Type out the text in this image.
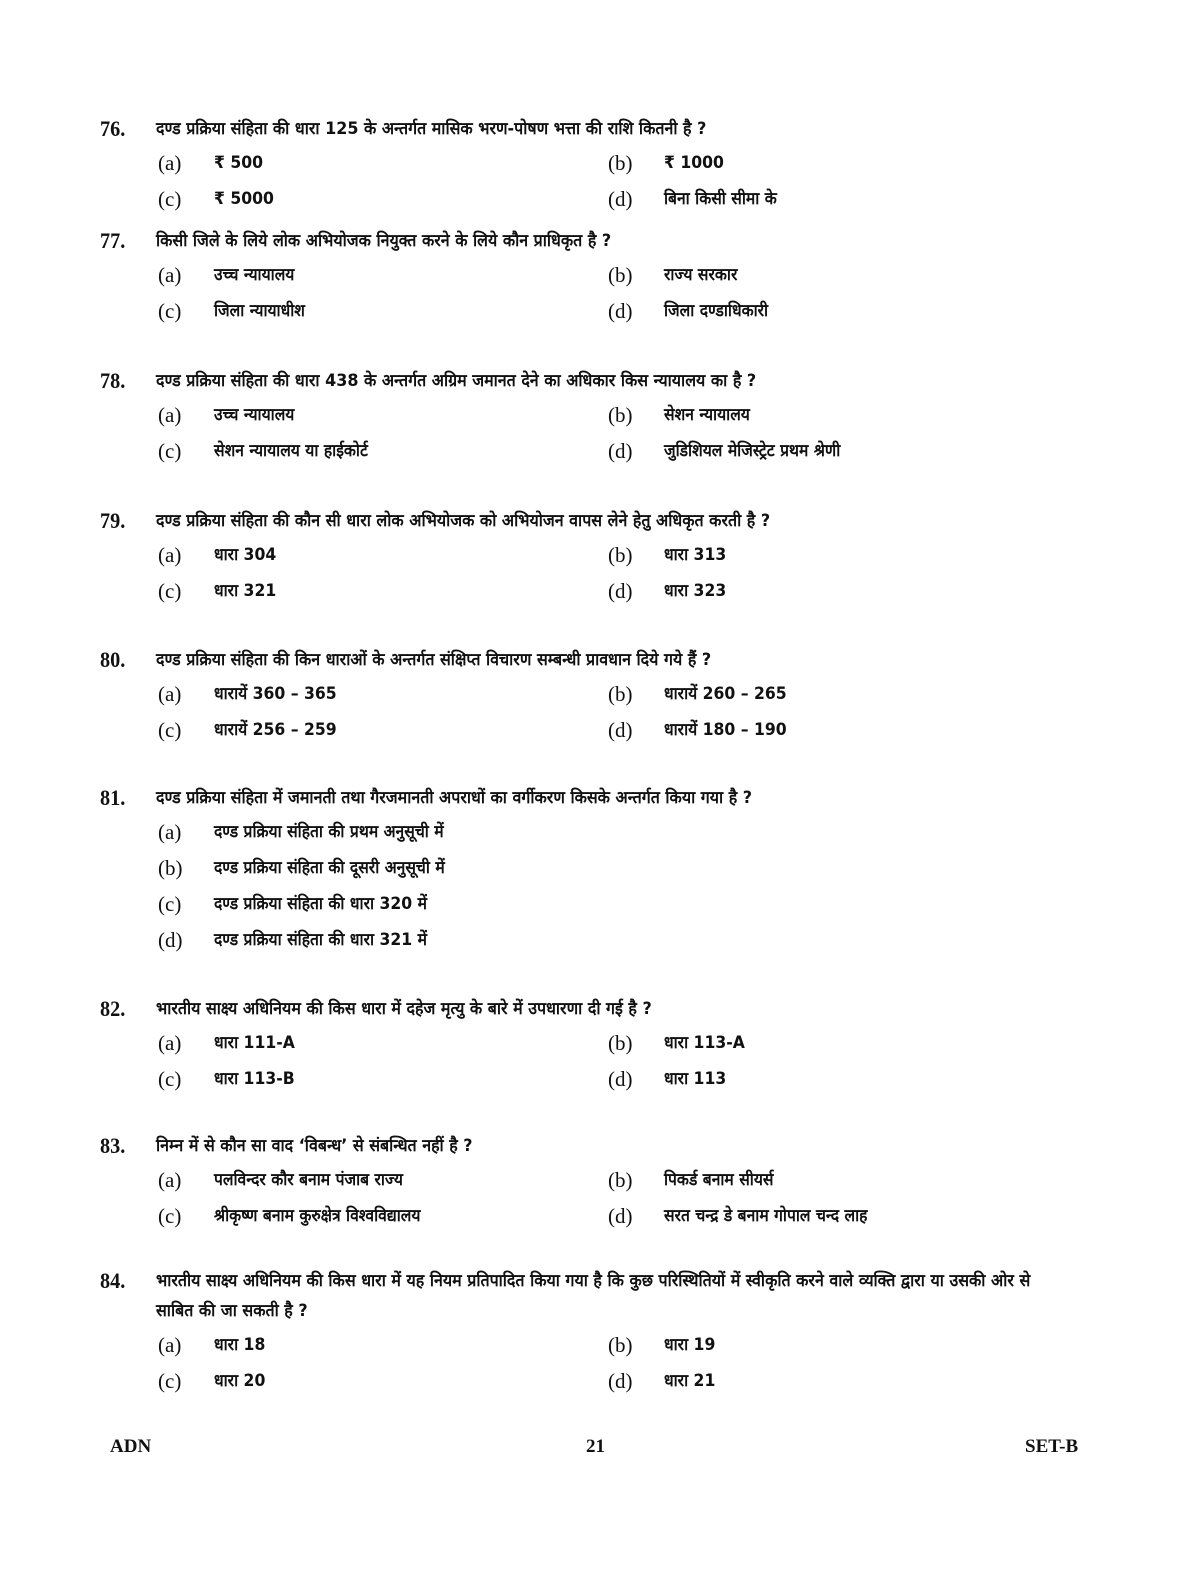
76.	दण्ड प्रक्रिया संहिता की धारा 125 के अन्तर्गत मासिक भरण-पोषण भत्ता की राशि कितनी है ?
(a)	₹ 500	(b)	₹ 1000
(c)	₹ 5000	(d)	बिना किसी सीमा के
77.	किसी जिले के लिये लोक अभियोजक नियुक्त करने के लिये कौन प्राधिकृत है ?
(a)	उच्च न्यायालय	(b)	राज्य सरकार
(c)	जिला न्यायाधीश	(d)	जिला दण्डाधिकारी
78.	दण्ड प्रक्रिया संहिता की धारा 438 के अन्तर्गत अग्रिम जमानत देने का अधिकार किस न्यायालय का है ?
(a)	उच्च न्यायालय	(b)	सेशन न्यायालय
(c)	सेशन न्यायालय या हाईकोर्ट	(d)	जुडिशियल मेजिस्ट्रेट प्रथम श्रेणी
79.	दण्ड प्रक्रिया संहिता की कौन सी धारा लोक अभियोजक को अभियोजन वापस लेने हेतु अधिकृत करती है ?
(a)	धारा 304	(b)	धारा 313
(c)	धारा 321	(d)	धारा 323
80.	दण्ड प्रक्रिया संहिता की किन धाराओं के अन्तर्गत संक्षिप्त विचारण सम्बन्धी प्रावधान दिये गये हैं ?
(a)	धारायें 360 – 365	(b)	धारायें 260 – 265
(c)	धारायें 256 – 259	(d)	धारायें 180 – 190
81.	दण्ड प्रक्रिया संहिता में जमानती तथा गैरजमानती अपराधों का वर्गीकरण किसके अन्तर्गत किया गया है ?
(a)	दण्ड प्रक्रिया संहिता की प्रथम अनुसूची में
(b)	दण्ड प्रक्रिया संहिता की दूसरी अनुसूची में
(c)	दण्ड प्रक्रिया संहिता की धारा 320 में
(d)	दण्ड प्रक्रिया संहिता की धारा 321 में
82.	भारतीय साक्ष्य अधिनियम की किस धारा में दहेज मृत्यु के बारे में उपधारणा दी गई है ?
(a)	धारा 111-A	(b)	धारा 113-A
(c)	धारा 113-B	(d)	धारा 113
83.	निम्न में से कौन सा वाद ‘विबन्ध’ से संबन्धित नहीं है ?
(a)	पलविन्दर कौर बनाम पंजाब राज्य	(b)	पिकर्ड बनाम सीयर्स
(c)	श्रीकृष्ण बनाम कुरुक्षेत्र विश्वविद्यालय	(d)	सरत चन्द्र डे बनाम गोपाल चन्द लाह
84.	भारतीय साक्ष्य अधिनियम की किस धारा में यह नियम प्रतिपादित किया गया है कि कुछ परिस्थितियों में स्वीकृति करने वाले व्यक्ति द्वारा या उसकी ओर से साबित की जा सकती है ?
(a)	धारा 18	(b)	धारा 19
(c)	धारा 20	(d)	धारा 21
ADN	21	SET-B
